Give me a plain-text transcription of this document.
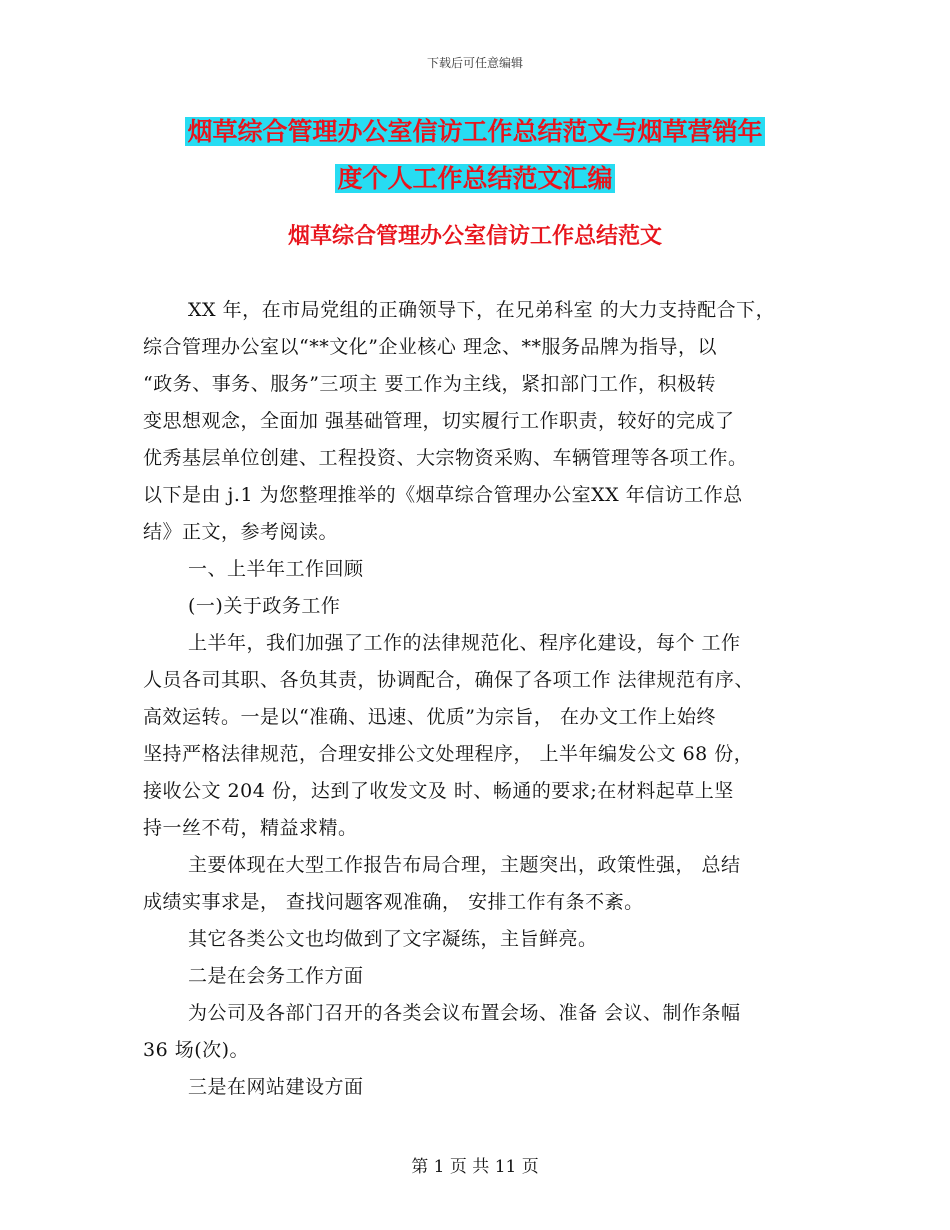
下载后可任意编辑
烟草综合管理办公室信访工作总结范文与烟草营销年
度个人工作总结范文汇编
烟草综合管理办公室信访工作总结范文
XX 年，在市局党组的正确领导下，在兄弟科室 的大力支持配合下，
综合管理办公室以“**文化”企业核心 理念、**服务品牌为指导，以
“政务、事务、服务”三项主 要工作为主线，紧扣部门工作，积极转
变思想观念，全面加 强基础管理，切实履行工作职责，较好的完成了
优秀基层单位创建、工程投资、大宗物资采购、车辆管理等各项工作。
以下是由 j.1 为您整理推举的《烟草综合管理办公室XX 年信访工作总
结》正文，参考阅读。
一、上半年工作回顾
(一)关于政务工作
上半年，我们加强了工作的法律规范化、程序化建设，每个 工作
人员各司其职、各负其责，协调配合，确保了各项工作 法律规范有序、
高效运转。一是以“准确、迅速、优质”为宗旨， 在办文工作上始终
坚持严格法律规范，合理安排公文处理程序， 上半年编发公文 68 份，
接收公文 204 份，达到了收发文及 时、畅通的要求;在材料起草上坚
持一丝不苟，精益求精。
主要体现在大型工作报告布局合理，主题突出，政策性强， 总结
成绩实事求是， 查找问题客观准确， 安排工作有条不紊。
其它各类公文也均做到了文字凝练，主旨鲜亮。
二是在会务工作方面
为公司及各部门召开的各类会议布置会场、准备 会议、制作条幅
36 场(次)。
三是在网站建设方面
第 1 页 共 11 页
